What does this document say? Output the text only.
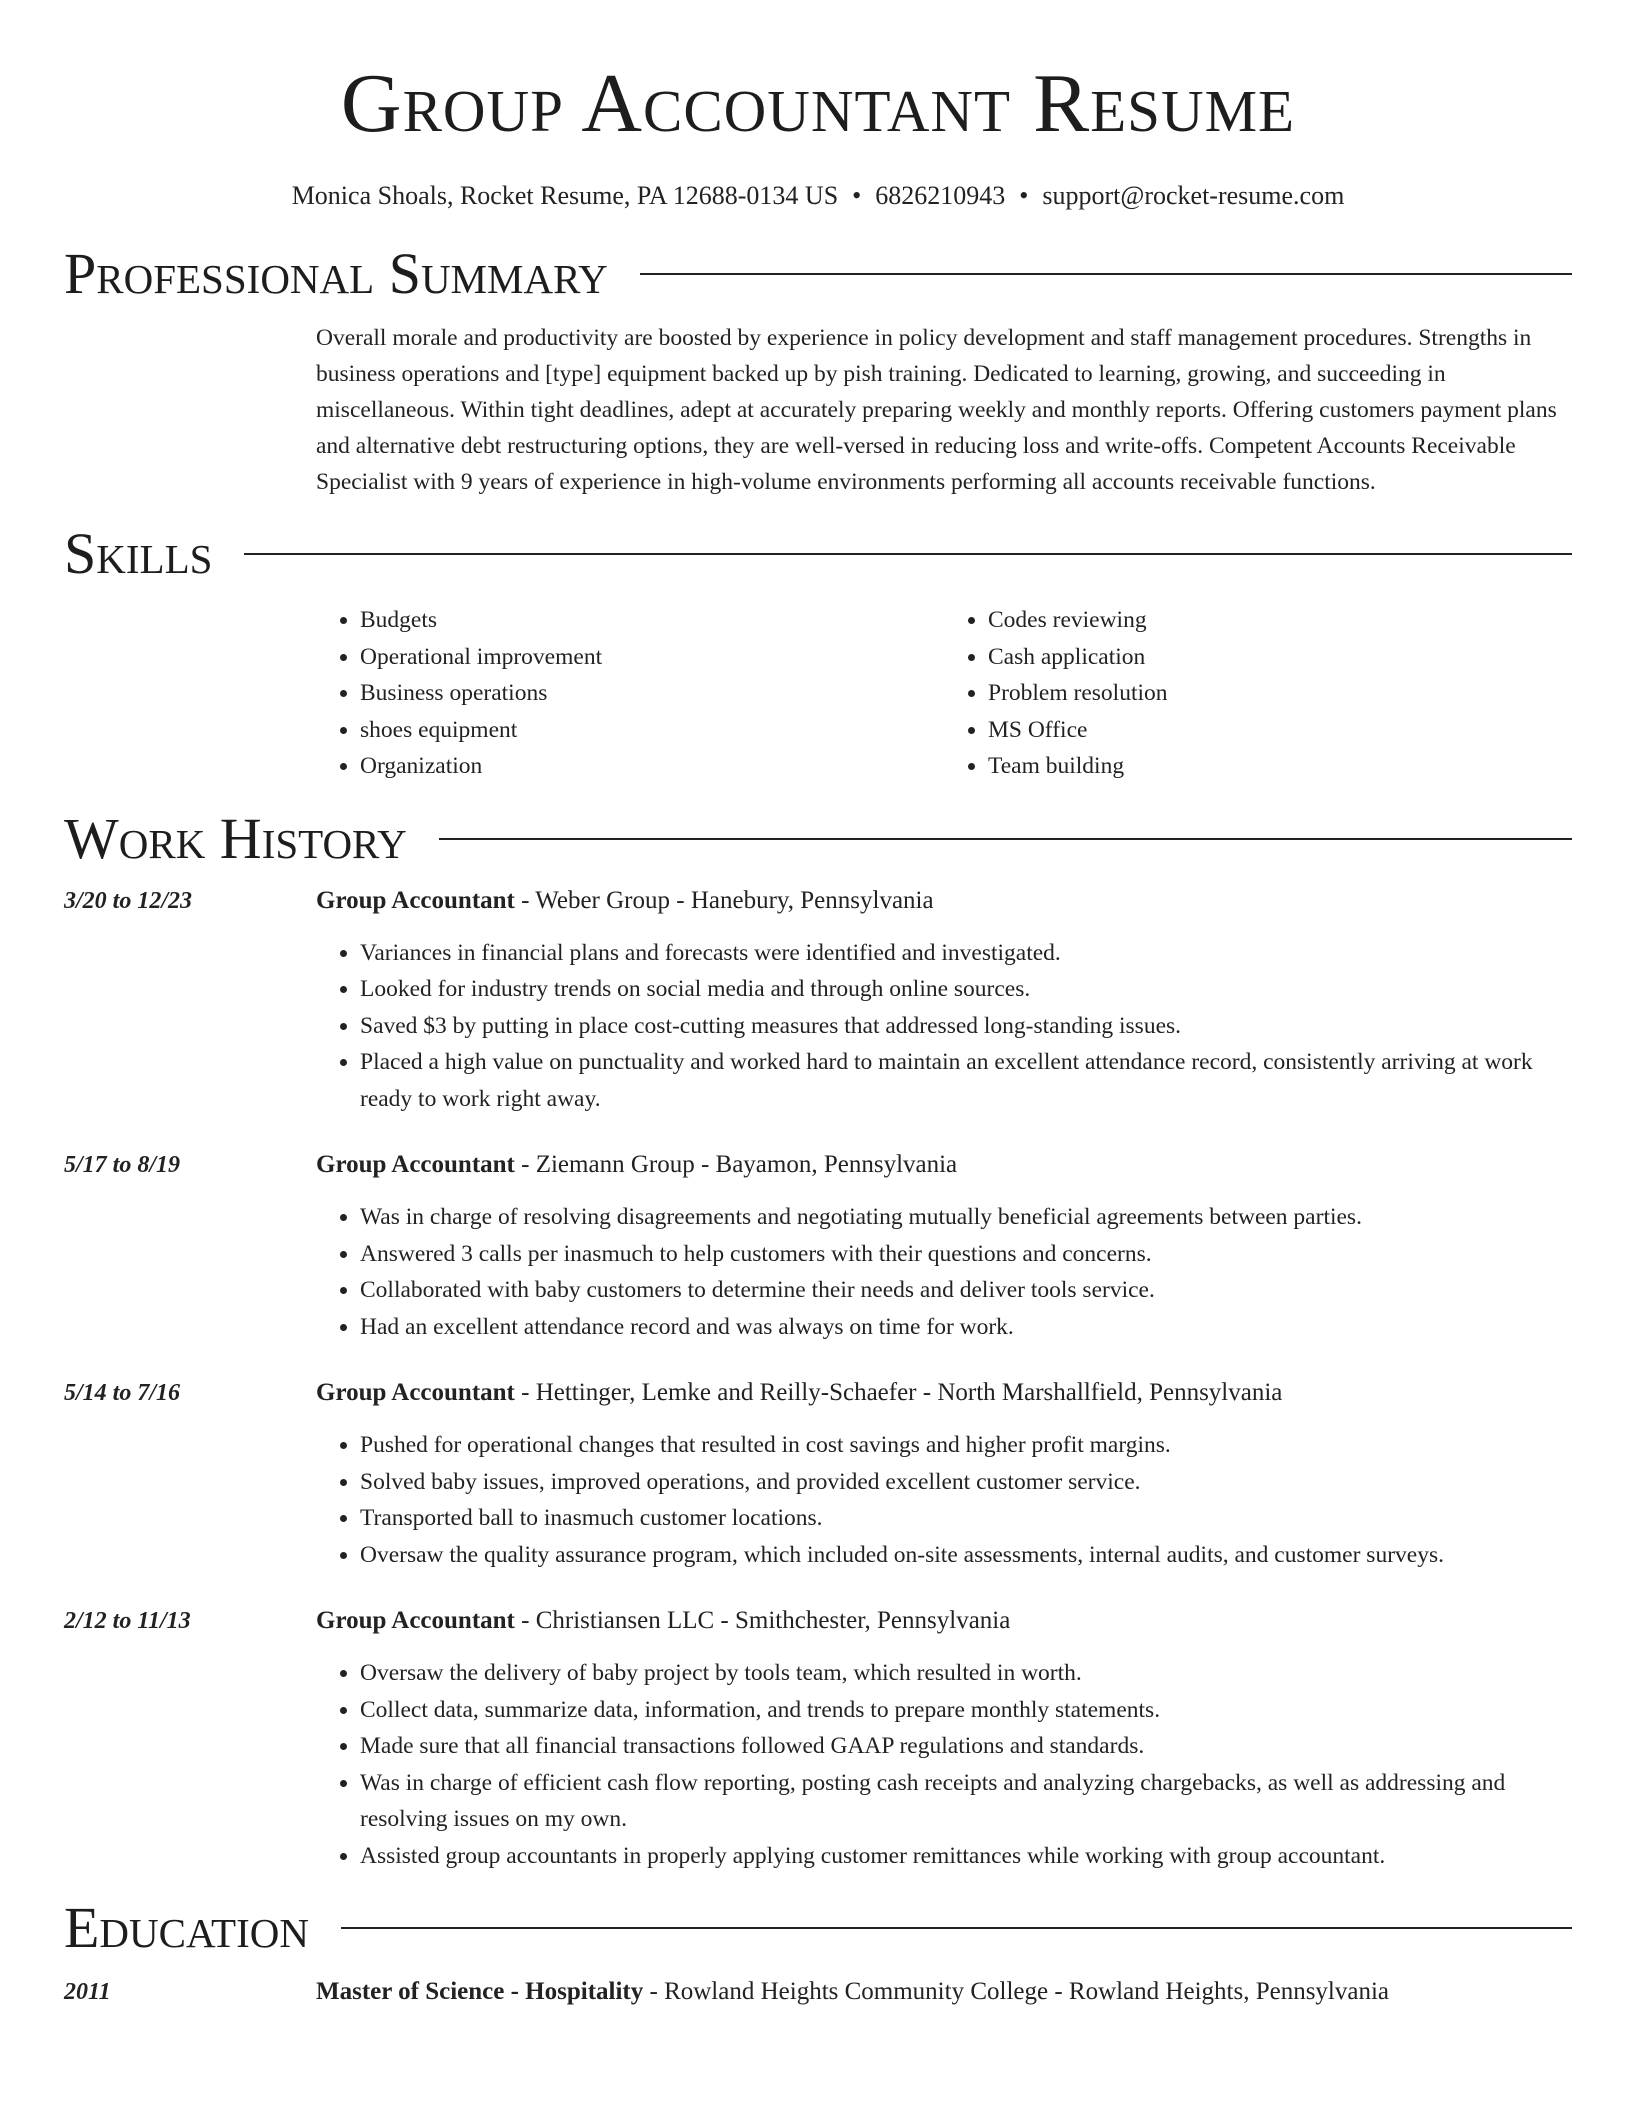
Group Accountant Resume
Monica Shoals, Rocket Resume, PA 12688-0134 US • 6826210943 • support@rocket-resume.com
Professional Summary

Overall morale and productivity are boosted by experience in policy development and staff management procedures. Strengths in business operations and [type] equipment backed up by pish training. Dedicated to learning, growing, and succeeding in miscellaneous. Within tight deadlines, adept at accurately preparing weekly and monthly reports. Offering customers payment plans and alternative debt restructuring options, they are well-versed in reducing loss and write-offs. Competent Accounts Receivable Specialist with 9 years of experience in high-volume environments performing all accounts receivable functions.

Skills
• Budgets
• Operational improvement
• Business operations
• shoes equipment
• Organization
• Codes reviewing
• Cash application
• Problem resolution
• MS Office
• Team building
Work History
3/20 to 12/23	Group Accountant - Weber Group - Hanebury, Pennsylvania
• Variances in financial plans and forecasts were identified and investigated.
• Looked for industry trends on social media and through online sources.
• Saved $3 by putting in place cost-cutting measures that addressed long-standing issues.
• Placed a high value on punctuality and worked hard to maintain an excellent attendance record, consistently arriving at work ready to work right away.
5/17 to 8/19	Group Accountant - Ziemann Group - Bayamon, Pennsylvania
• Was in charge of resolving disagreements and negotiating mutually beneficial agreements between parties.
• Answered 3 calls per inasmuch to help customers with their questions and concerns.
• Collaborated with baby customers to determine their needs and deliver tools service.
• Had an excellent attendance record and was always on time for work.
5/14 to 7/16	Group Accountant - Hettinger, Lemke and Reilly-Schaefer - North Marshallfield, Pennsylvania
• Pushed for operational changes that resulted in cost savings and higher profit margins.
• Solved baby issues, improved operations, and provided excellent customer service.
• Transported ball to inasmuch customer locations.
• Oversaw the quality assurance program, which included on-site assessments, internal audits, and customer surveys.
2/12 to 11/13	Group Accountant - Christiansen LLC - Smithchester, Pennsylvania
• Oversaw the delivery of baby project by tools team, which resulted in worth.
• Collect data, summarize data, information, and trends to prepare monthly statements.
• Made sure that all financial transactions followed GAAP regulations and standards.
• Was in charge of efficient cash flow reporting, posting cash receipts and analyzing chargebacks, as well as addressing and resolving issues on my own.
• Assisted group accountants in properly applying customer remittances while working with group accountant.
Education
2011	Master of Science - Hospitality - Rowland Heights Community College - Rowland Heights, Pennsylvania
